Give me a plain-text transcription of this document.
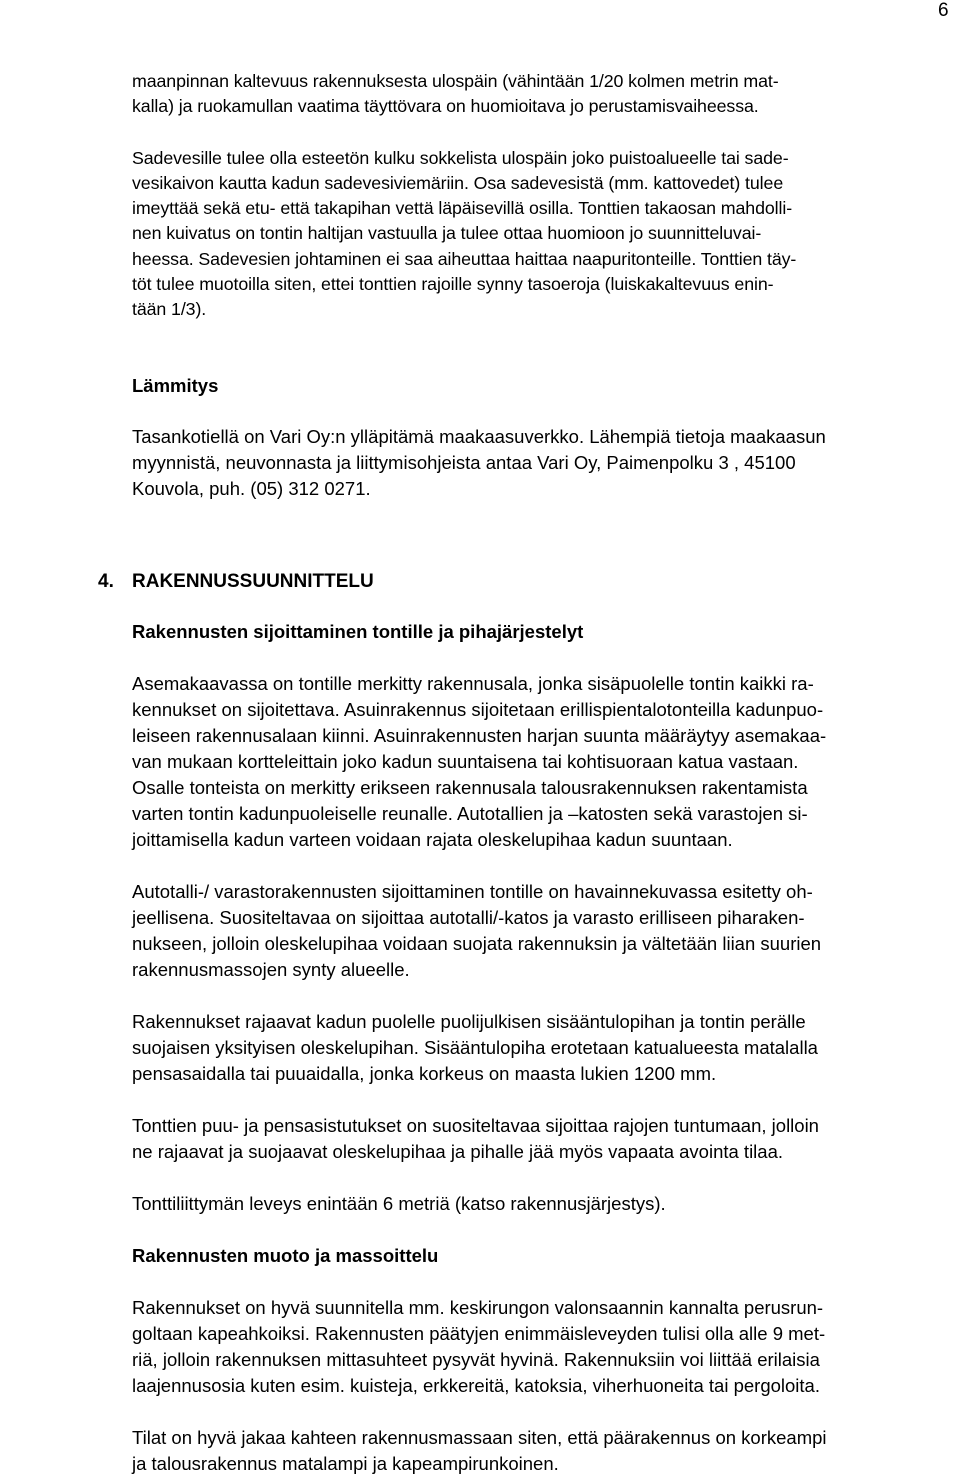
6

maanpinnan kaltevuus rakennuksesta ulospäin (vähintään 1/20 kolmen metrin mat-
kalla) ja ruokamullan vaatima täyttövara on huomioitava jo perustamisvaiheessa.

Sadevesille tulee olla esteetön kulku sokkelista ulospäin joko puistoalueelle tai sade-
vesikaivon kautta kadun sadevesiviemäriin. Osa sadevesistä (mm. kattovedet) tulee
imeyttää sekä etu- että takapihan vettä läpäisevillä osilla. Tonttien takaosan mahdolli-
nen kuivatus on tontin haltijan vastuulla ja tulee ottaa huomioon jo suunnitteluvai-
heessa. Sadevesien johtaminen ei saa aiheuttaa haittaa naapuritonteille. Tonttien täy-
töt tulee muotoilla siten, ettei tonttien rajoille synny tasoeroja (luiskakaltevuus enin-
tään 1/3).

Lämmitys

Tasankotiellä on Vari Oy:n ylläpitämä maakaasuverkko. Lähempiä tietoja maakaasun
myynnistä, neuvonnasta ja liittymisohjeista antaa Vari Oy, Paimenpolku 3 , 45100
Kouvola, puh. (05) 312 0271.

4. RAKENNUSSUUNNITTELU
Rakennusten sijoittaminen tontille ja pihajärjestelyt

Asemakaavassa on tontille merkitty rakennusala, jonka sisäpuolelle tontin kaikki ra-
kennukset on sijoitettava. Asuinrakennus sijoitetaan erillispientalotonteilla kadunpuo-
leiseen rakennusalaan kiinni. Asuinrakennusten harjan suunta määräytyy asemakaa-
van mukaan kortteleittain joko kadun suuntaisena tai kohtisuoraan katua vastaan.
Osalle tonteista on merkitty erikseen rakennusala talousrakennuksen rakentamista
varten tontin kadunpuoleiselle reunalle. Autotallien ja –katosten sekä varastojen si-
joittamisella kadun varteen voidaan rajata oleskelupihaa kadun suuntaan.

Autotalli-/ varastorakennusten sijoittaminen tontille on havainnekuvassa esitetty oh-
jeellisena. Suositeltavaa on sijoittaa autotalli/-katos ja varasto erilliseen piharaken-
nukseen, jolloin oleskelupihaa voidaan suojata rakennuksin ja vältetään liian suurien
rakennusmassojen synty alueelle.

Rakennukset rajaavat kadun puolelle puolijulkisen sisääntulopihan ja tontin perälle
suojaisen yksityisen oleskelupihan. Sisääntulopiha erotetaan katualueesta matalalla
pensasaidalla tai puuaidalla, jonka korkeus on maasta lukien 1200 mm.

Tonttien puu- ja pensasistutukset on suositeltavaa sijoittaa rajojen tuntumaan, jolloin
ne rajaavat ja suojaavat oleskelupihaa ja pihalle jää myös vapaata avointa tilaa.

Tonttiliittymän leveys enintään 6 metriä (katso rakennusjärjestys).

Rakennusten muoto ja massoittelu

Rakennukset on hyvä suunnitella mm. keskirungon valonsaannin kannalta perusrun-
goltaan kapeahkoiksi. Rakennusten päätyjen enimmäisleveyden tulisi olla alle 9 met-
riä, jolloin rakennuksen mittasuhteet pysyvät hyvinä. Rakennuksiin voi liittää erilaisia
laajennusosia kuten esim. kuisteja, erkkereitä, katoksia, viherhuoneita tai pergoloita.

Tilat on hyvä jakaa kahteen rakennusmassaan siten, että päärakennus on korkeampi
ja talousrakennus matalampi ja kapeampirunkoinen.
